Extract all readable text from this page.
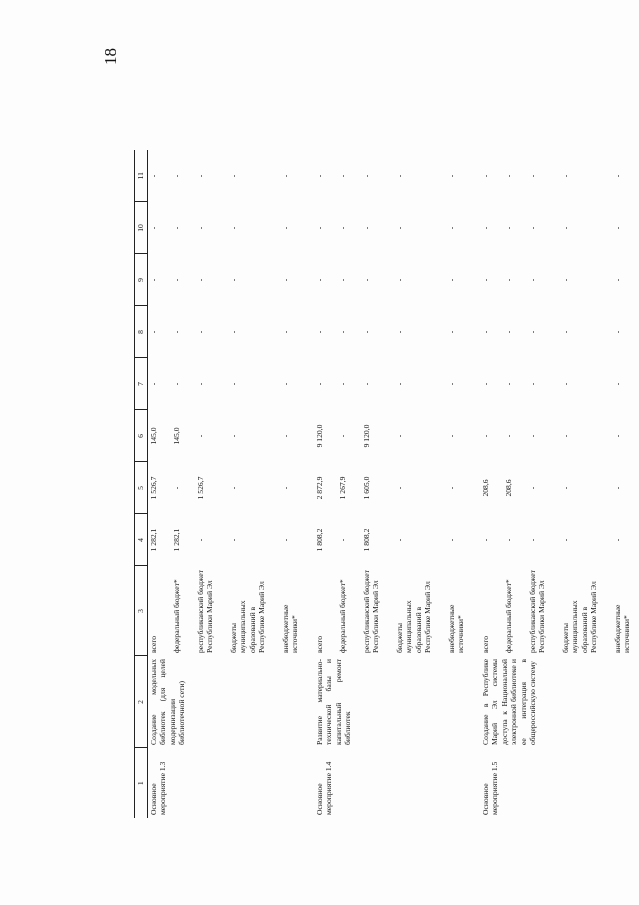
18
1	2	3	4	5	6	7	8	9	10	11
Основное мероприятие 1.3	Создание модельных библиотек (для целей модернизации библиотечной сети)	всего	1 282,1	1 526,7	145,0	-	-	-	-	-
		федеральный бюджет*	1 282,1	-	145,0	-	-	-	-	-
		республиканский бюджет Республики Марий Эл	-	1 526,7	-	-	-	-	-	-
		бюджеты муниципальных образований в Республике Марий Эл	-	-	-	-	-	-	-	-
		внебюджетные источники*	-	-	-	-	-	-	-	-
Основное мероприятие 1.4	Развитие материально-технической базы и капитальный ремонт библиотек	всего	1 808,2	2 872,9	9 120,0	-	-	-	-	-
		федеральный бюджет*	-	1 267,9	-	-	-	-	-	-
		республиканский бюджет Республики Марий Эл	1 808,2	1 605,0	9 120,0	-	-	-	-	-
		бюджеты муниципальных образований в Республике Марий Эл	-	-	-	-	-	-	-	-
		внебюджетные источники*	-	-	-	-	-	-	-	-
Основное мероприятие 1.5	Создание в Республике Марий Эл системы доступа к Национальной электронной библиотеке и ее интеграция в общероссийскую систему	всего	-	208,6	-	-	-	-	-	-
		федеральный бюджет*	-	208,6	-	-	-	-	-	-
		республиканский бюджет Республики Марий Эл	-	-	-	-	-	-	-	-
		бюджеты муниципальных образований в Республике Марий Эл	-	-	-	-	-	-	-	-
		внебюджетные источники*	-	-	-	-	-	-	-	-
